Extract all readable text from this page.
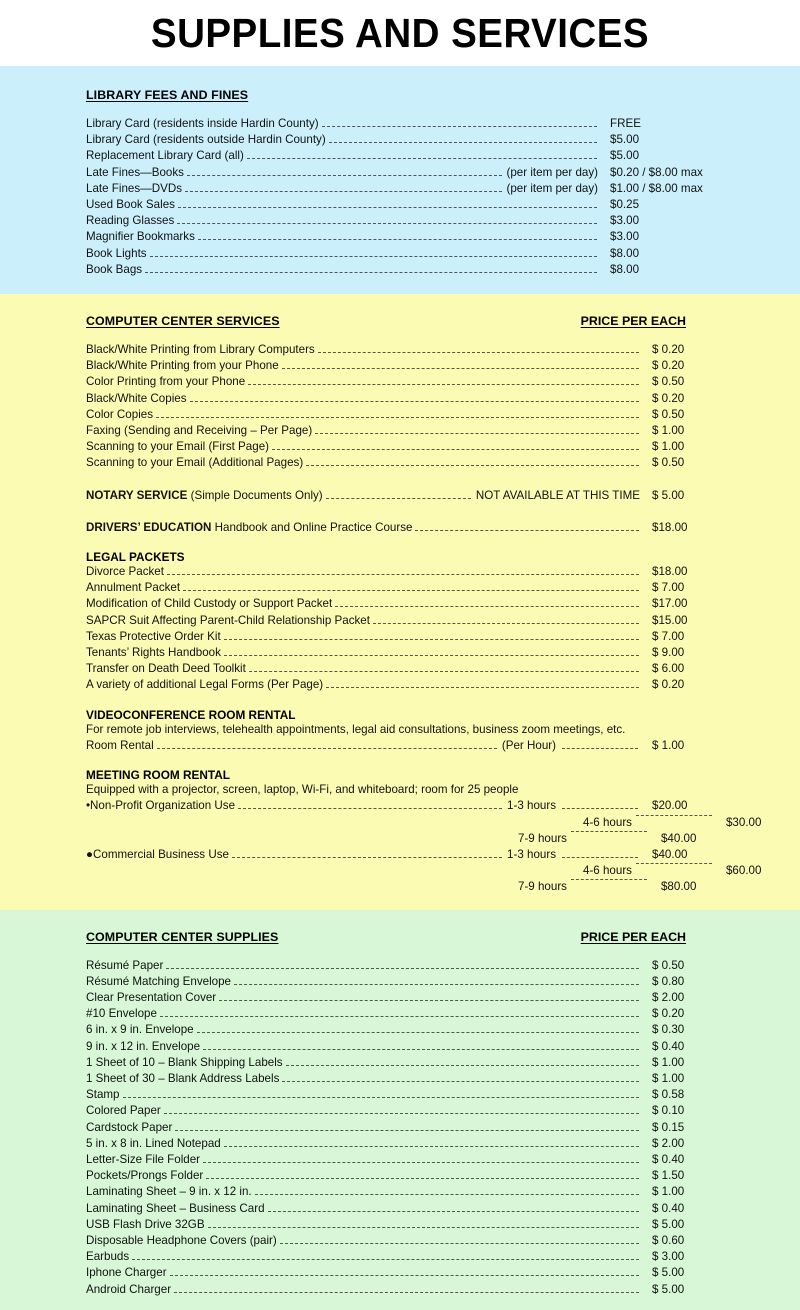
SUPPLIES AND SERVICES
LIBRARY FEES AND FINES
Library Card (residents inside Hardin County)	FREE
Library Card (residents outside Hardin County)	$5.00
Replacement Library Card (all)	$5.00
Late Fines—Books	(per item per day)	$0.20 / $8.00 max
Late Fines—DVDs	(per item per day)	$1.00 / $8.00 max
Used Book Sales	$0.25
Reading Glasses	$3.00
Magnifier Bookmarks	$3.00
Book Lights	$8.00
Book Bags	$8.00
COMPUTER CENTER SERVICES	PRICE PER EACH
Black/White Printing from Library Computers	$ 0.20
Black/White Printing from your Phone	$ 0.20
Color Printing from your Phone	$ 0.50
Black/White Copies	$ 0.20
Color Copies	$ 0.50
Faxing (Sending and Receiving – Per Page)	$ 1.00
Scanning to your Email (First Page)	$ 1.00
Scanning to your Email (Additional Pages)	$ 0.50
NOTARY SERVICE (Simple Documents Only)	NOT AVAILABLE AT THIS TIME	$ 5.00
DRIVERS’ EDUCATION Handbook and Online Practice Course	$18.00
LEGAL PACKETS
Divorce Packet	$18.00
Annulment Packet	$ 7.00
Modification of Child Custody or Support Packet	$17.00
SAPCR Suit Affecting Parent-Child Relationship Packet	$15.00
Texas Protective Order Kit	$ 7.00
Tenants’ Rights Handbook	$ 9.00
Transfer on Death Deed Toolkit	$ 6.00
A variety of additional Legal Forms (Per Page)	$ 0.20
VIDEOCONFERENCE ROOM RENTAL
For remote job interviews, telehealth appointments, legal aid consultations, business zoom meetings, etc.
Room Rental	(Per Hour)	$ 1.00
MEETING ROOM RENTAL
Equipped with a projector, screen, laptop, Wi-Fi, and whiteboard; room for 25 people
•Non-Profit Organization Use	1-3 hours	$20.00
4-6 hours	$30.00
7-9 hours	$40.00
●Commercial Business Use	1-3 hours	$40.00
4-6 hours	$60.00
7-9 hours	$80.00
COMPUTER CENTER SUPPLIES	PRICE PER EACH
Résumé Paper	$ 0.50
Résumé Matching Envelope	$ 0.80
Clear Presentation Cover	$ 2.00
#10 Envelope	$ 0.20
6 in. x 9 in. Envelope	$ 0.30
9 in. x 12 in. Envelope	$ 0.40
1 Sheet of 10 – Blank Shipping Labels	$ 1.00
1 Sheet of 30 – Blank Address Labels	$ 1.00
Stamp	$ 0.58
Colored Paper	$ 0.10
Cardstock Paper	$ 0.15
5 in. x 8 in. Lined Notepad	$ 2.00
Letter-Size File Folder	$ 0.40
Pockets/Prongs Folder	$ 1.50
Laminating Sheet – 9 in. x 12 in.	$ 1.00
Laminating Sheet – Business Card	$ 0.40
USB Flash Drive 32GB	$ 5.00
Disposable Headphone Covers (pair)	$ 0.60
Earbuds	$ 3.00
Iphone Charger	$ 5.00
Android Charger	$ 5.00
